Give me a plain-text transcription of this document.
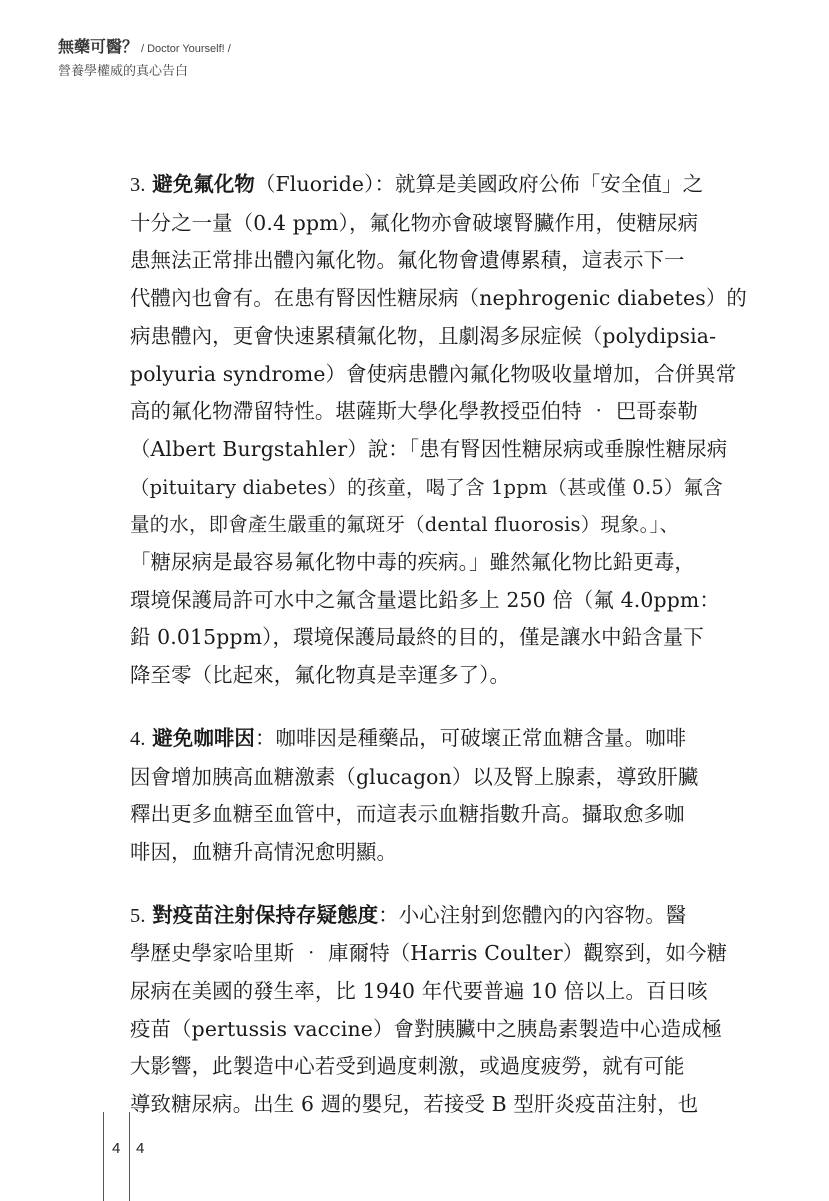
無藥可醫？ / Doctor Yourself! /
營養學權威的真心告白

3. 避免氟化物（Fluoride）：就算是美國政府公佈「安全值」之
十分之一量（0.4 ppm），氟化物亦會破壞腎臟作用，使糖尿病
患無法正常排出體內氟化物。氟化物會遺傳累積，這表示下一
代體內也會有。在患有腎因性糖尿病（nephrogenic diabetes）的
病患體內，更會快速累積氟化物，且劇渴多尿症候（polydipsia-
polyuria syndrome）會使病患體內氟化物吸收量增加，合併異常
高的氟化物滯留特性。堪薩斯大學化學教授亞伯特 ‧ 巴哥泰勒
（Albert Burgstahler）說：「患有腎因性糖尿病或垂腺性糖尿病
（pituitary diabetes）的孩童，喝了含 1ppm（甚或僅 0.5）氟含
量的水，即會產生嚴重的氟斑牙（dental fluorosis）現象。」、
「糖尿病是最容易氟化物中毒的疾病。」雖然氟化物比鉛更毒，
環境保護局許可水中之氟含量還比鉛多上 250 倍（氟 4.0ppm：
鉛 0.015ppm），環境保護局最終的目的，僅是讓水中鉛含量下
降至零（比起來，氟化物真是幸運多了）。

4. 避免咖啡因：咖啡因是種藥品，可破壞正常血糖含量。咖啡
因會增加胰高血糖激素（glucagon）以及腎上腺素，導致肝臟
釋出更多血糖至血管中，而這表示血糖指數升高。攝取愈多咖
啡因，血糖升高情況愈明顯。

5. 對疫苗注射保持存疑態度：小心注射到您體內的內容物。醫
學歷史學家哈里斯 ‧ 庫爾特（Harris Coulter）觀察到，如今糖
尿病在美國的發生率，比 1940 年代要普遍 10 倍以上。百日咳
疫苗（pertussis vaccine）會對胰臟中之胰島素製造中心造成極
大影響，此製造中心若受到過度刺激，或過度疲勞，就有可能
導致糖尿病。出生 6 週的嬰兒，若接受 B 型肝炎疫苗注射，也

4 4
